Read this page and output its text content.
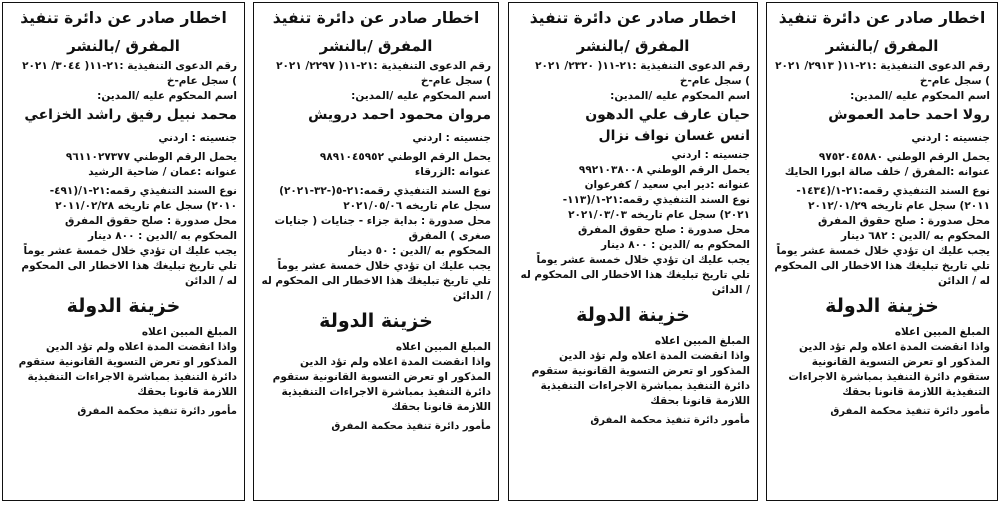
اخطار صادر عن دائرة تنفيذ
المفرق /بالنشر
رقم الدعوى التنفيذية :٢١-١١( ٣٠٤٤/ ٢٠٢١
) سجل عام-خ
اسم المحكوم عليه /المدين:
محمد نبيل رفيق راشد الخزاعي
جنسيته : اردني
يحمل الرقم الوطني ٩٦١١٠٢٧٣٧٧
عنوانه :عمان / ضاحية الرشيد
نوع السند التنفيذي رقمه:٢١-١/(٤٩١-
٢٠١٠) سجل عام تاريخه ٢٠١١/٠٢/٢٨
محل صدورة : صلح حقوق المفرق
المحكوم به /الدين : ٨٠٠ دينار
يجب عليك ان تؤدي خلال خمسة عشر يوماً تلي تاريخ تبليغك هذا الاخطار الى المحكوم له / الدائن
خزينة الدولة
المبلغ المبين اعلاه
واذا انقضت المدة اعلاه ولم تؤد الدين المذكور او تعرض التسوية القانونية ستقوم دائرة التنفيذ بمباشرة الاجراءات التنفيذية اللازمة قانونا بحقك
مأمور دائرة تنفيذ محكمة المفرق
اخطار صادر عن دائرة تنفيذ
المفرق /بالنشر
رقم الدعوى التنفيذية :٢١-١١( ٢٢٩٧/ ٢٠٢١
) سجل عام-خ
اسم المحكوم عليه /المدين:
مروان محمود احمد درويش
جنسيته : اردني
يحمل الرقم الوطني ٩٨٩١٠٤٥٩٥٢
عنوانه :الزرقاء
نوع السند التنفيذي رقمه:٢١-٥(-٣٢-٢٠٢١)
سجل عام تاريخه ٢٠٢١/٠٥/٠٦
محل صدورة : بداية جزاء - جنايات ( جنايات صغرى ) المفرق
المحكوم به /الدين : ٥٠ دينار
يجب عليك ان تؤدي خلال خمسة عشر يوماً تلي تاريخ تبليغك هذا الاخطار الى المحكوم له / الدائن
خزينة الدولة
المبلغ المبين اعلاه
واذا انقضت المدة اعلاه ولم تؤد الدين المذكور او تعرض التسوية القانونية ستقوم دائرة التنفيذ بمباشرة الاجراءات التنفيذية اللازمة قانونا بحقك
مأمور دائرة تنفيذ محكمة المفرق
اخطار صادر عن دائرة تنفيذ
المفرق /بالنشر
رقم الدعوى التنفيذية :٢١-١١( ٢٣٢٠/ ٢٠٢١
) سجل عام-خ
اسم المحكوم عليه /المدين:
حيان عارف علي الدهون
انس غسان نواف نزال
جنسيته : اردني
يحمل الرقم الوطني ٩٩٢١٠٣٨٠٠٨
عنوانه :دير ابي سعيد / كفرعوان
نوع السند التنفيذي رقمه:٢١-١/(١١٣-
٢٠٢١) سجل عام تاريخه ٢٠٢١/٠٣/٠٣
محل صدورة : صلح حقوق المفرق
المحكوم به /الدين : ٨٠٠ دينار
يجب عليك ان تؤدي خلال خمسة عشر يوماً تلي تاريخ تبليغك هذا الاخطار الى المحكوم له / الدائن
خزينة الدولة
المبلغ المبين اعلاه
واذا انقضت المدة اعلاه ولم تؤد الدين المذكور او تعرض التسوية القانونية ستقوم دائرة التنفيذ بمباشرة الاجراءات التنفيذية اللازمة قانونا بحقك
مأمور دائرة تنفيذ محكمة المفرق
اخطار صادر عن دائرة تنفيذ
المفرق /بالنشر
رقم الدعوى التنفيذية :٢١-١١( ٢٩١٣/ ٢٠٢١
) سجل عام-خ
اسم المحكوم عليه /المدين:
رولا احمد حامد العموش
جنسيته : اردني
يحمل الرقم الوطني ٩٧٥٢٠٤٥٨٨٠
عنوانه :المفرق / خلف صالة ابورا الحايك
نوع السند التنفيذي رقمه:٢١-١/(١٤٣٤-
٢٠١١) سجل عام تاريخه ٢٠١٢/٠١/٢٩
محل صدورة : صلح حقوق المفرق
المحكوم به /الدين : ٦٨٢ دينار
يجب عليك ان تؤدي خلال خمسة عشر يوماً تلي تاريخ تبليغك هذا الاخطار الى المحكوم له / الدائن
خزينة الدولة
المبلغ المبين اعلاه
واذا انقضت المدة اعلاه ولم تؤد الدين المذكور او تعرض التسوية القانونية ستقوم دائرة التنفيذ بمباشرة الاجراءات التنفيذية اللازمة قانونا بحقك
مأمور دائرة تنفيذ محكمة المفرق
